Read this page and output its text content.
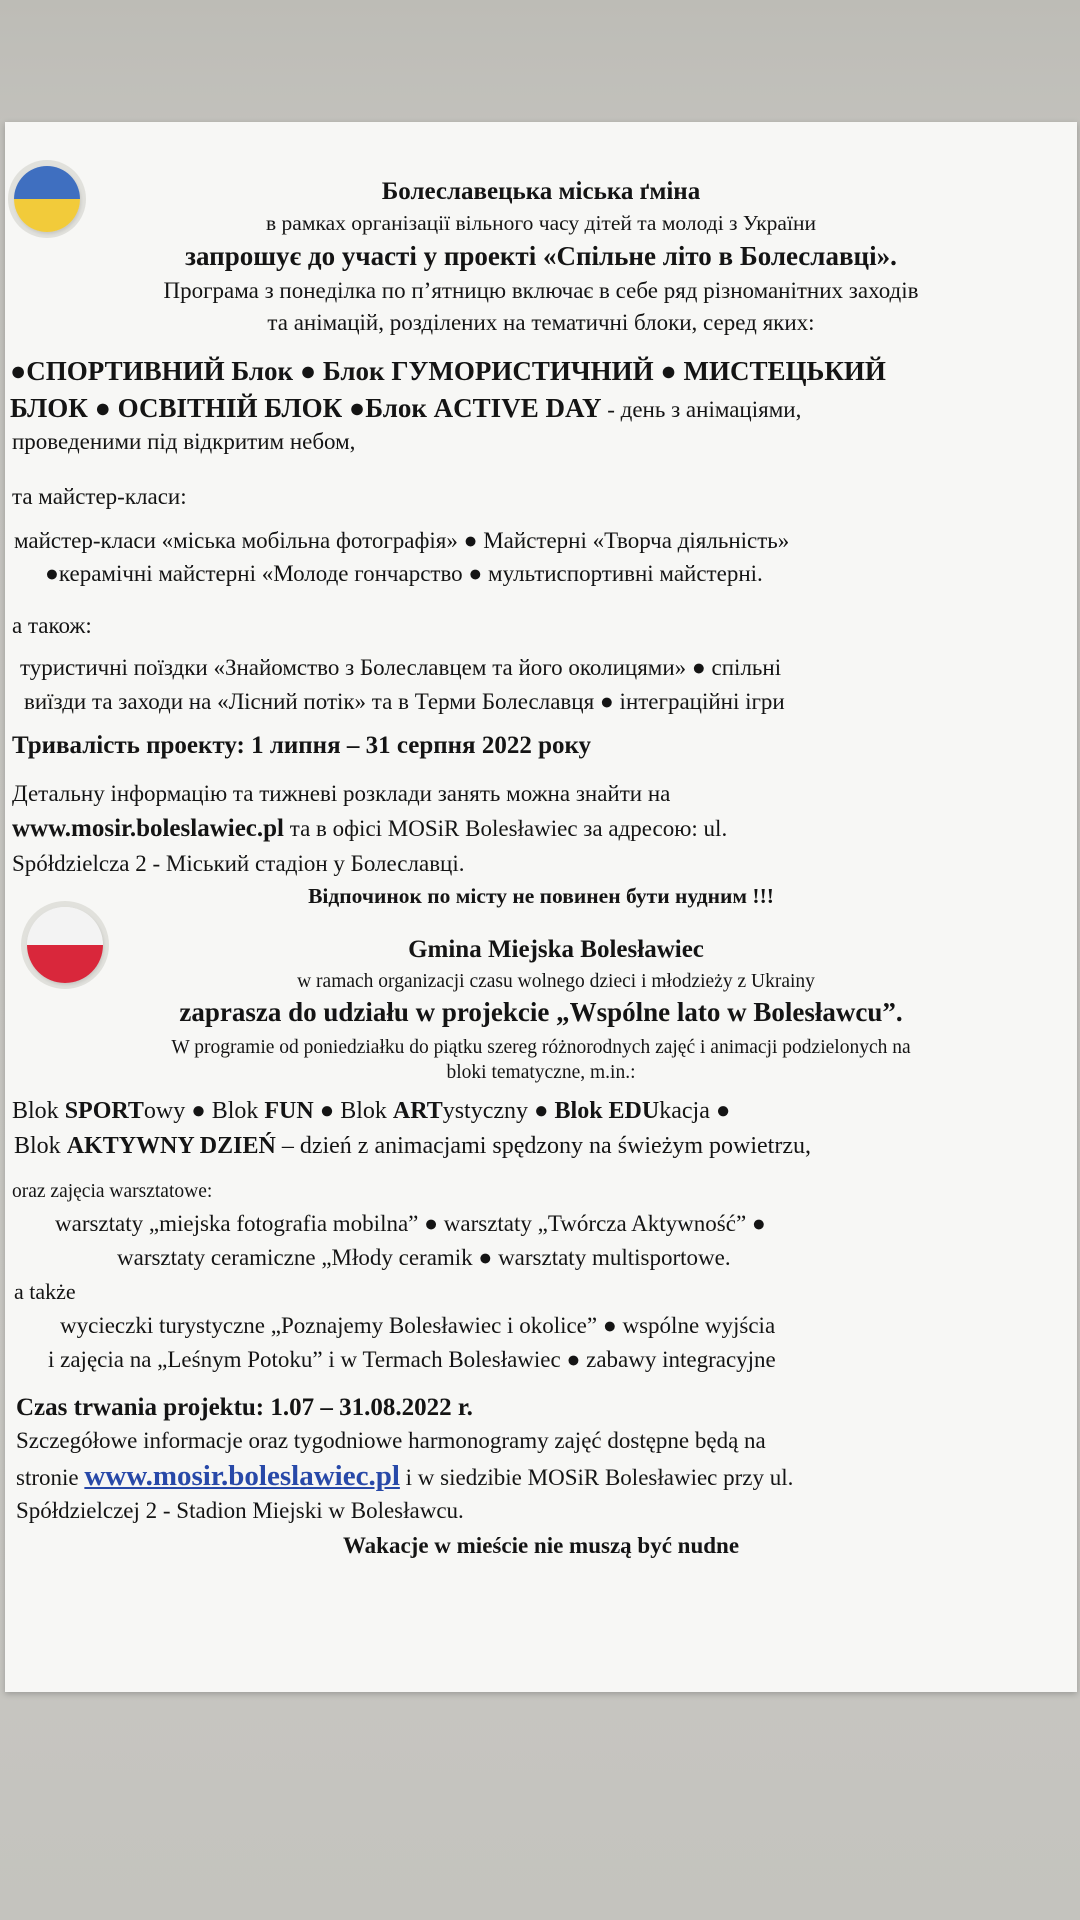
Болеславецька міська ґміна
в рамках організації вільного часу дітей та молоді з України
запрошує до участі у проекті «Спільне літо в Болеславці».
Програма з понеділка по п’ятницю включає в себе ряд різноманітних заходів
та анімацій, розділених на тематичні блоки, серед яких:
●СПОРТИВНИЙ Блок ● Блок ГУМОРИСТИЧНИЙ ● МИСТЕЦЬКИЙ
БЛОК ● ОСВІТНІЙ БЛОК ●Блок ACTIVE DAY - день з анімаціями,
проведеними під відкритим небом,
та майстер-класи:
майстер-класи «міська мобільна фотографія» ● Майстерні «Творча діяльність»
●керамічні майстерні «Молоде гончарство ● мультиспортивні майстерні.
а також:
туристичні поїздки «Знайомство з Болеславцем та його околицями» ● спільні
виїзди та заходи на «Лісний потік» та в Терми Болеславця ● інтеграційні ігри
Тривалість проекту: 1 липня – 31 серпня 2022 року
Детальну інформацію та тижневі розклади занять можна знайти на
www.mosir.boleslawiec.pl та в офісі MOSiR Bolesławiec за адресою: ul.
Spółdzielcza 2 - Міський стадіон у Болеславці.
Відпочинок по місту не повинен бути нудним !!!
Gmina Miejska Bolesławiec
w ramach organizacji czasu wolnego dzieci i młodzieży z Ukrainy
zaprasza do udziału w projekcie „Wspólne lato w Bolesławcu”.
W programie od poniedziałku do piątku szereg różnorodnych zajęć i animacji podzielonych na
bloki tematyczne, m.in.:
Blok SPORTowy ● Blok FUN ● Blok ARTystyczny ● Blok EDUkacja ●
Blok AKTYWNY DZIEŃ – dzień z animacjami spędzony na świeżym powietrzu,
oraz zajęcia warsztatowe:
warsztaty „miejska fotografia mobilna” ● warsztaty „Twórcza Aktywność” ●
warsztaty ceramiczne „Młody ceramik ● warsztaty multisportowe.
a także
wycieczki turystyczne „Poznajemy Bolesławiec i okolice” ● wspólne wyjścia
i zajęcia na „Leśnym Potoku” i w Termach Bolesławiec ● zabawy integracyjne
Czas trwania projektu: 1.07 – 31.08.2022 r.
Szczegółowe informacje oraz tygodniowe harmonogramy zajęć dostępne będą na
stronie www.mosir.boleslawiec.pl i w siedzibie MOSiR Bolesławiec przy ul.
Spółdzielczej 2 - Stadion Miejski w Bolesławcu.
Wakacje w mieście nie muszą być nudne
